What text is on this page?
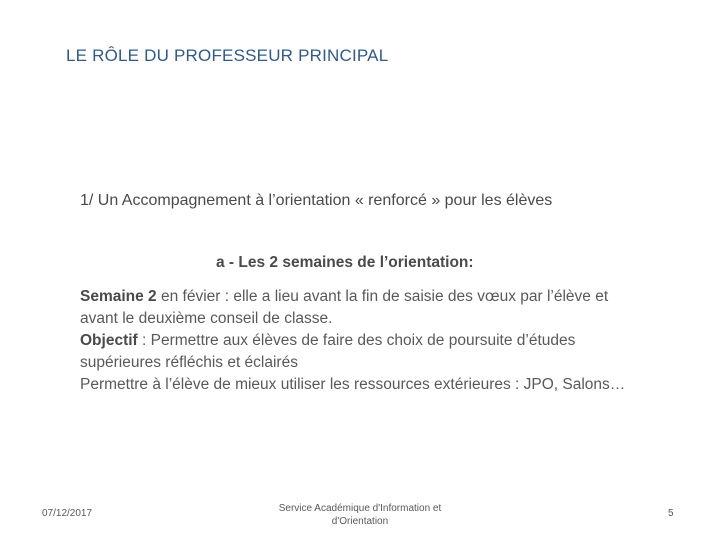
LE RÔLE DU PROFESSEUR PRINCIPAL
1/ Un Accompagnement à l’orientation « renforcé » pour les élèves
a - Les 2 semaines de l’orientation:

Semaine 2 en févier : elle a lieu avant la fin de saisie des vœux par l’élève et avant le deuxième conseil de classe.

Objectif : Permettre aux élèves de faire des choix de poursuite d’études supérieures réfléchis et éclairés

Permettre à l’élève de mieux utiliser les ressources extérieures : JPO, Salons…

07/12/2017	Service Académique d'Information et
d'Orientation
5
